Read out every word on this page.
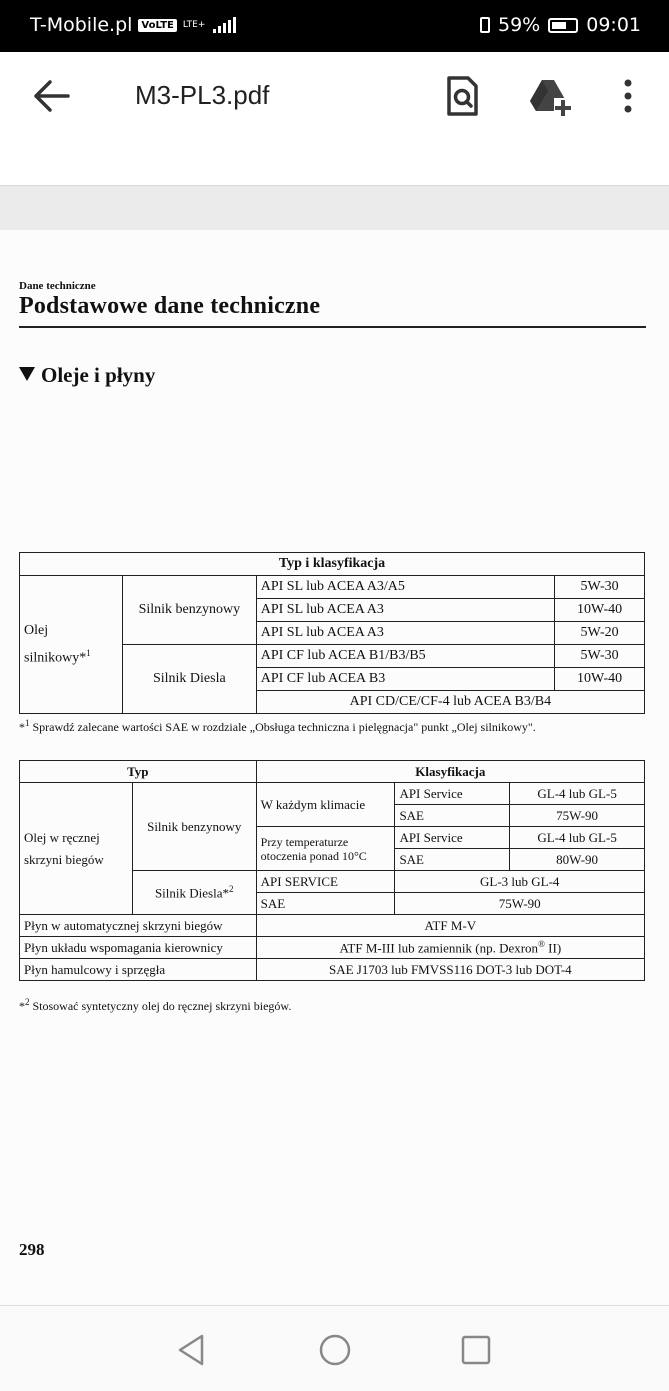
T-Mobile.pl VoLTE	LTE+	59% 09:01
M3-PL3.pdf
Dane techniczne
Podstawowe dane techniczne
Oleje i płyny
Typ i klasyfikacja			
Olej silnikowy*$^1$	Silnik benzynowy	API SL lub ACEA A3/A5	5W-30
		API SL lub ACEA A3	10W-40
		API SL lub ACEA A3	5W-20
	Silnik Diesla	API CF lub ACEA B1/B3/B5	5W-30
		API CF lub ACEA B3	10W-40
		API CD/CE/CF-4 lub ACEA B3/B4	
*$^1$ Sprawdź zalecane wartości SAE w rozdziale „Obsługa techniczna i pielęgnacja" punkt „Olej silnikowy".
Typ		Klasyfikacja		
Olej w ręcznej skrzyni biegów	Silnik benzynowy	W każdym klimacie	API Service	GL-4 lub GL-5
			SAE	75W-90
		Przy temperaturze otoczenia ponad 10°C	API Service	GL-4 lub GL-5
			SAE	80W-90
	Silnik Diesla*$^2$	API SERVICE	GL-3 lub GL-4	
		SAE	75W-90	
Płyn w automatycznej skrzyni biegów		ATF M-V		
Płyn układu wspomagania kierownicy		ATF M-III lub zamiennik (np. Dexron® II)		
Płyn hamulcowy i sprzęgła		SAE J1703 lub FMVSS116 DOT-3 lub DOT-4		
*$^2$ Stosować syntetyczny olej do ręcznej skrzyni biegów.
298
